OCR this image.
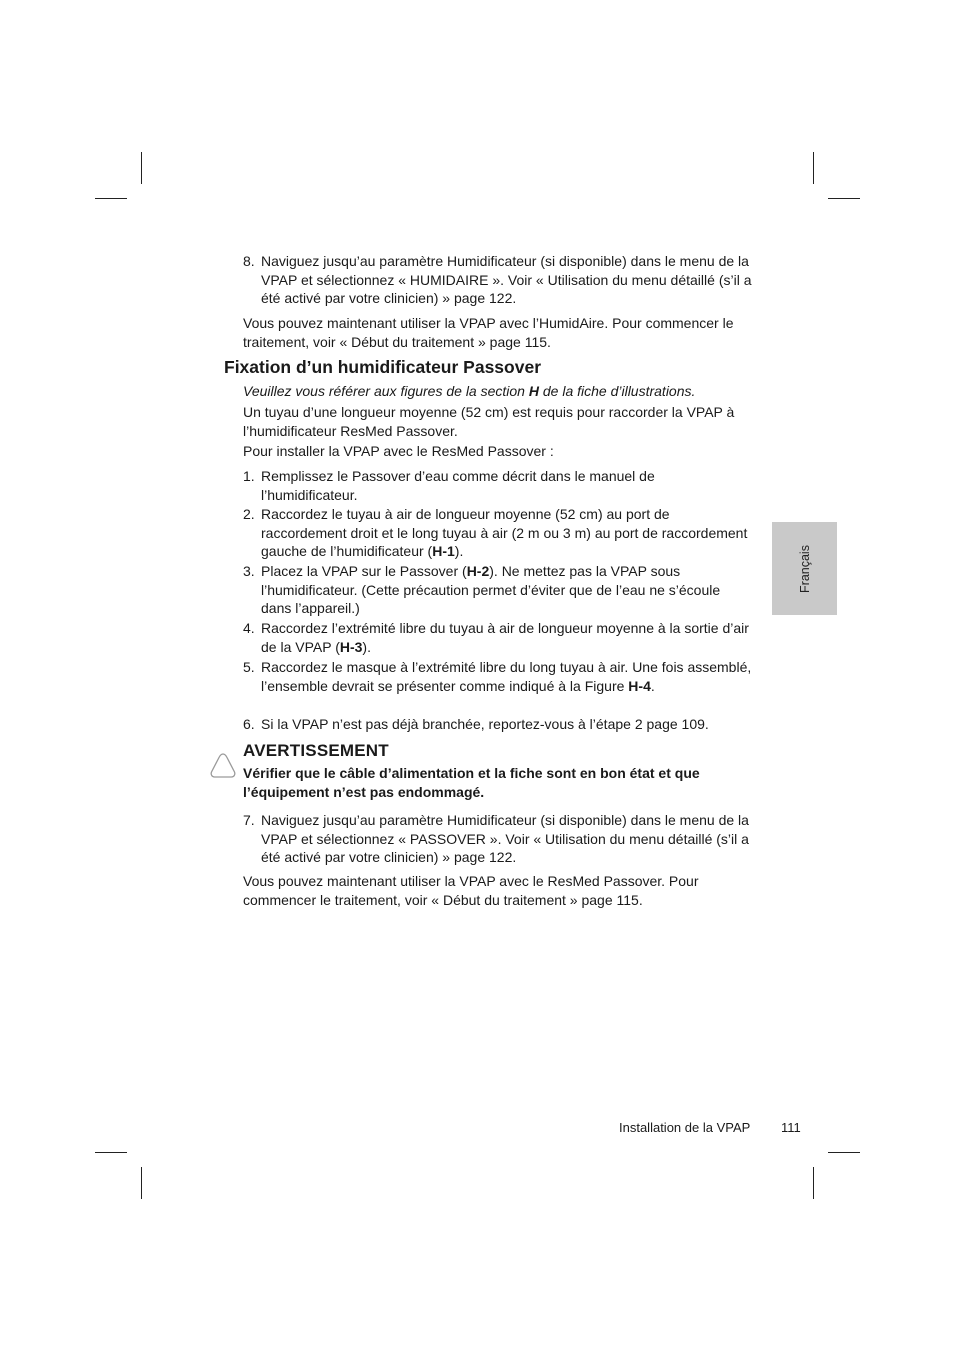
8. Naviguez jusqu’au paramètre Humidificateur (si disponible) dans le menu de la VPAP et sélectionnez « HUMIDAIRE ». Voir « Utilisation du menu détaillé (s’il a été activé par votre clinicien) » page 122.

Vous pouvez maintenant utiliser la VPAP avec l’HumidAire. Pour commencer le traitement, voir « Début du traitement » page 115.

Fixation d’un humidificateur Passover

Veuillez vous référer aux figures de la section H de la fiche d’illustrations.

Un tuyau d’une longueur moyenne (52 cm) est requis pour raccorder la VPAP à l’humidificateur ResMed Passover.

Pour installer la VPAP avec le ResMed Passover :

1. Remplissez le Passover d’eau comme décrit dans le manuel de l’humidificateur.
2. Raccordez le tuyau à air de longueur moyenne (52 cm) au port de raccordement droit et le long tuyau à air (2 m ou 3 m) au port de raccordement gauche de l’humidificateur (H-1).
3. Placez la VPAP sur le Passover (H-2). Ne mettez pas la VPAP sous l’humidificateur. (Cette précaution permet d’éviter que de l’eau ne s’écoule dans l’appareil.)
4. Raccordez l’extrémité libre du tuyau à air de longueur moyenne à la sortie d’air de la VPAP (H-3).
5. Raccordez le masque à l’extrémité libre du long tuyau à air. Une fois assemblé, l’ensemble devrait se présenter comme indiqué à la Figure H-4.
6. Si la VPAP n’est pas déjà branchée, reportez-vous à l’étape 2 page 109.
AVERTISSEMENT

Vérifier que le câble d’alimentation et la fiche sont en bon état et que l’équipement n’est pas endommagé.

7. Naviguez jusqu’au paramètre Humidificateur (si disponible) dans le menu de la VPAP et sélectionnez « PASSOVER ». Voir « Utilisation du menu détaillé (s’il a été activé par votre clinicien) » page 122.

Vous pouvez maintenant utiliser la VPAP avec le ResMed Passover. Pour commencer le traitement, voir « Début du traitement » page 115.

Français
Installation de la VPAP 111
